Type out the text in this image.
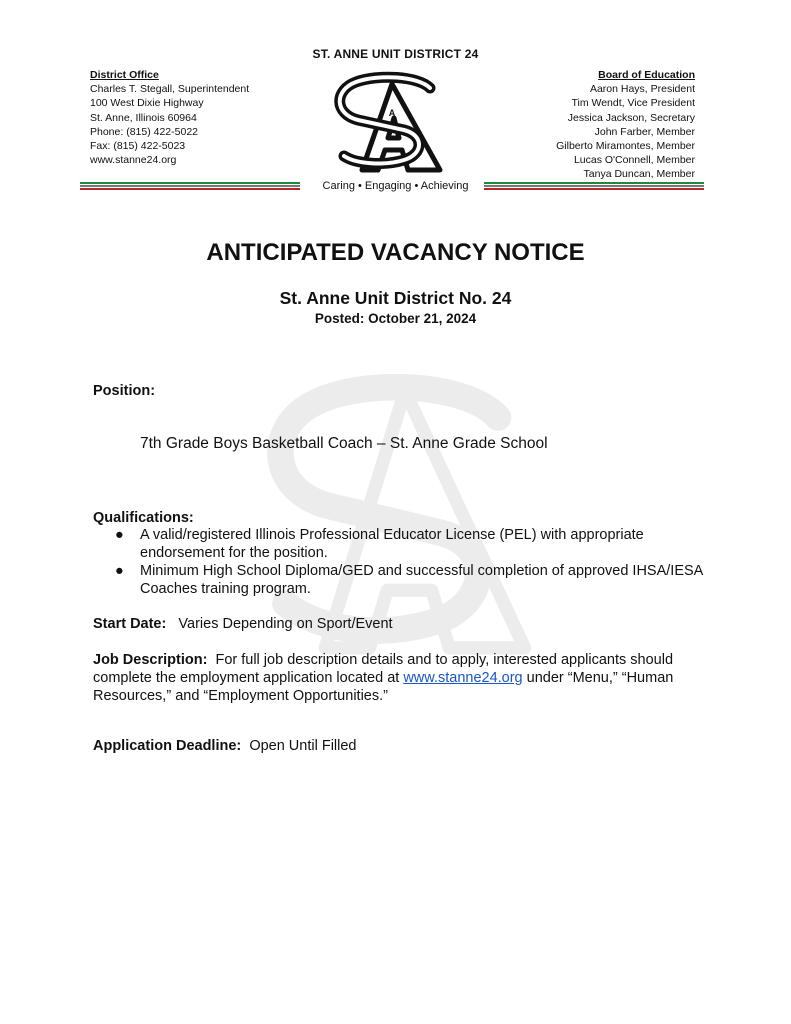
ST. ANNE UNIT DISTRICT 24
District Office
Charles T. Stegall, Superintendent
100 West Dixie Highway
St. Anne, Illinois 60964
Phone: (815) 422-5022
Fax: (815) 422-5023
www.stanne24.org
Board of Education
Aaron Hays, President
Tim Wendt, Vice President
Jessica Jackson, Secretary
John Farber, Member
Gilberto Miramontes, Member
Lucas O'Connell, Member
Tanya Duncan, Member
A
Caring • Engaging • Achieving
ANTICIPATED VACANCY NOTICE
St. Anne Unit District No. 24
Posted: October 21, 2024
Position:
7th Grade Boys Basketball Coach – St. Anne Grade School
Qualifications:
● A valid/registered Illinois Professional Educator License (PEL) with appropriate endorsement for the position.
● Minimum High School Diploma/GED and successful completion of approved IHSA/IESA Coaches training program.
Start Date: Varies Depending on Sport/Event
Job Description: For full job description details and to apply, interested applicants should complete the employment application located at www.stanne24.org under “Menu,” “Human Resources,” and “Employment Opportunities.”
Application Deadline: Open Until Filled
